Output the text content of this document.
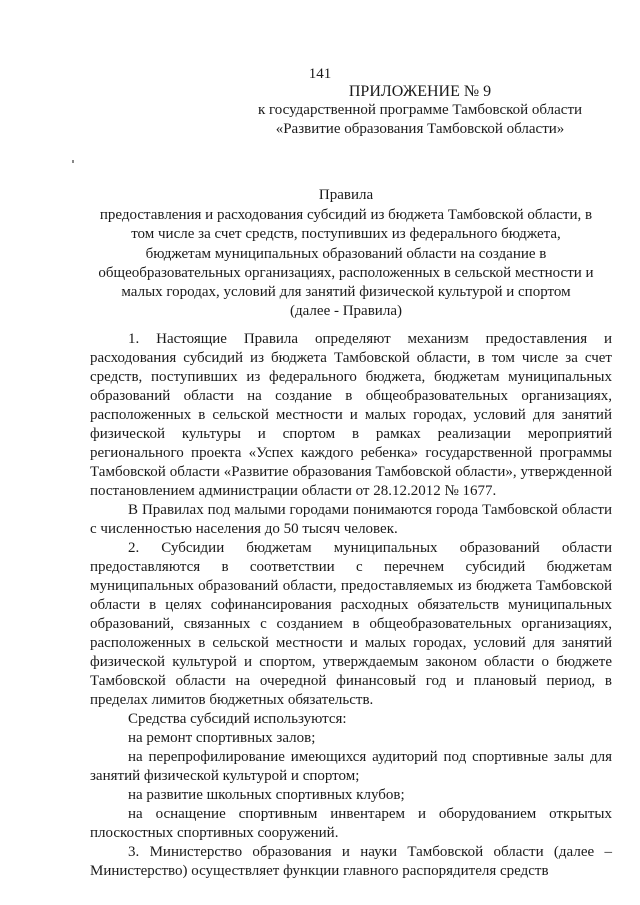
141
ПРИЛОЖЕНИЕ № 9
к государственной программе Тамбовской области
«Развитие образования Тамбовской области»
Правила
предоставления и расходования субсидий из бюджета Тамбовской области, в
том числе за счет средств, поступивших из федерального бюджета,
бюджетам муниципальных образований области на создание в
общеобразовательных организациях, расположенных в сельской местности и
малых городах, условий для занятий физической культурой и спортом
(далее - Правила)

1. Настоящие Правила определяют механизм предоставления и расходования субсидий из бюджета Тамбовской области, в том числе за счет средств, поступивших из федерального бюджета, бюджетам муниципальных образований области на создание в общеобразовательных организациях, расположенных в сельской местности и малых городах, условий для занятий физической культуры и спортом в рамках реализации мероприятий регионального проекта «Успех каждого ребенка» государственной программы Тамбовской области «Развитие образования Тамбовской области», утвержденной постановлением администрации области от 28.12.2012 № 1677.

В Правилах под малыми городами понимаются города Тамбовской области с численностью населения до 50 тысяч человек.

2. Субсидии бюджетам муниципальных образований области предоставляются в соответствии с перечнем субсидий бюджетам муниципальных образований области, предоставляемых из бюджета Тамбовской области в целях софинансирования расходных обязательств муниципальных образований, связанных с созданием в общеобразовательных организациях, расположенных в сельской местности и малых городах, условий для занятий физической культурой и спортом, утверждаемым законом области о бюджете Тамбовской области на очередной финансовый год и плановый период, в пределах лимитов бюджетных обязательств.

Средства субсидий используются:

на ремонт спортивных залов;

на перепрофилирование имеющихся аудиторий под спортивные залы для занятий физической культурой и спортом;

на развитие школьных спортивных клубов;

на оснащение спортивным инвентарем и оборудованием открытых плоскостных спортивных сооружений.

3. Министерство образования и науки Тамбовской области (далее – Министерство) осуществляет функции главного распорядителя средств
